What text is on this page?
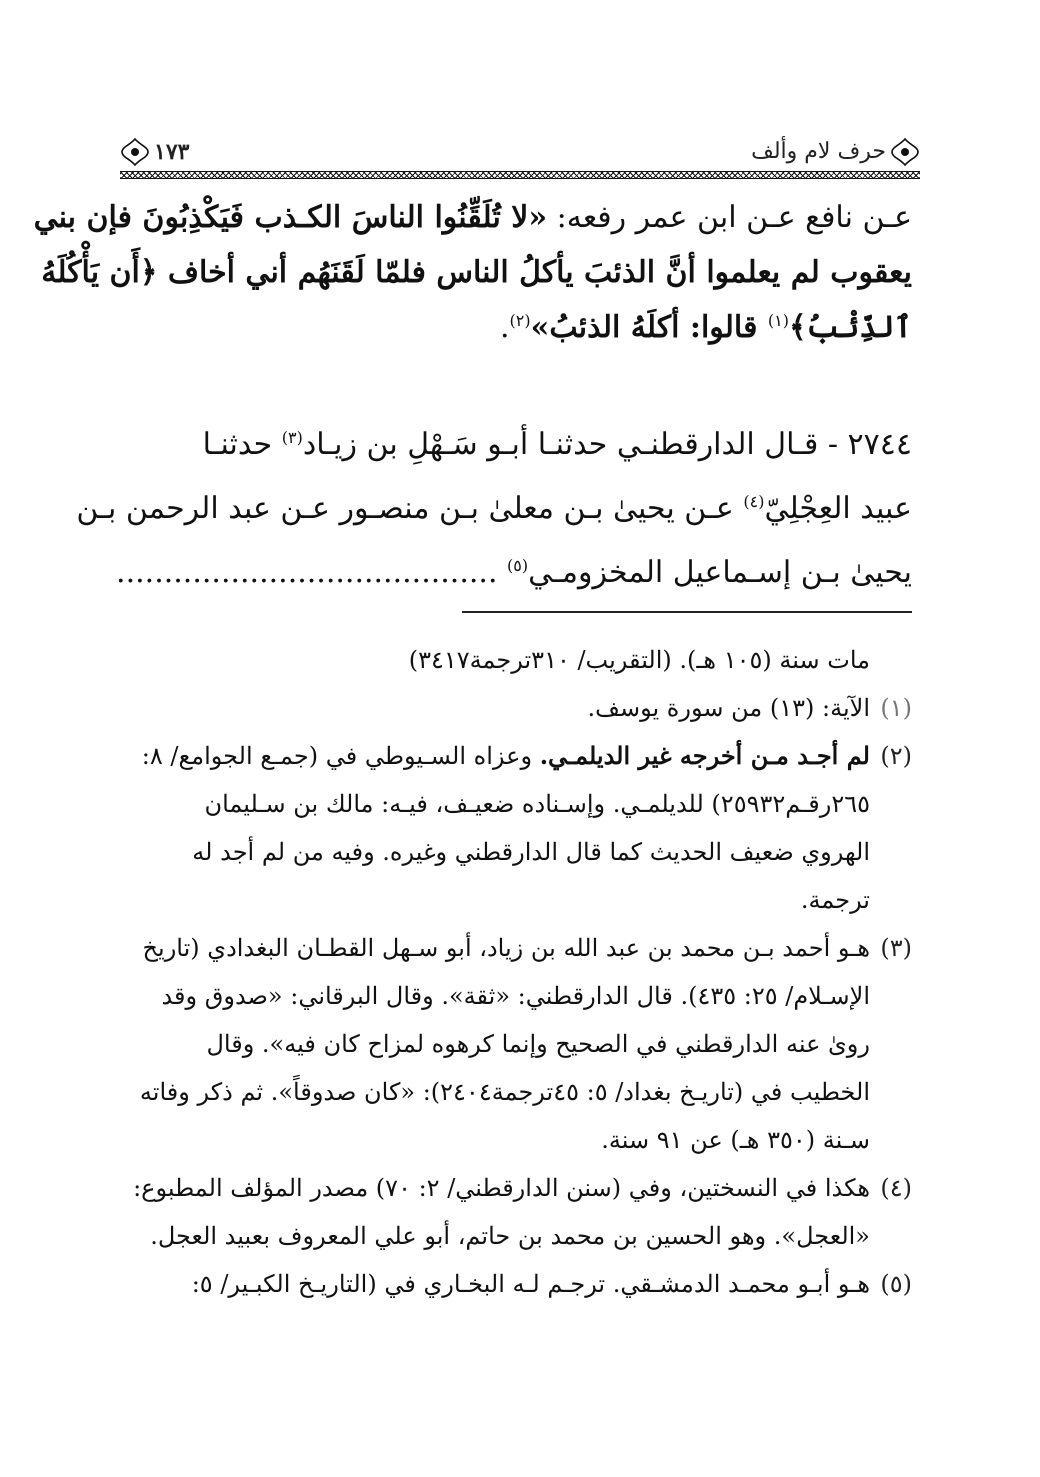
حرف لام وألف
١٧٣
عـن نافع عـن ابن عمر رفعه: «لا تُلَقِّنُوا الناسَ الكـذب فَيَكْذِبُونَ فإن بني
يعقوب لم يعلموا أنَّ الذئبَ يأكلُ الناس فلمّا لَقَنَهُم أني أخاف ﴿أَن يَأْكُلَهُ
ٱلذِّئْبُ﴾$^{(١)}$ قالوا: أكلَهُ الذئبُ»$^{(٢)}$.
٢٧٤٤ - قـال الدارقطنـي حدثنـا أبـو سَـهْلِ بن زيـاد$^{(٣)}$ حدثنـا
عبيد العِجْلِيّ$^{(٤)}$ عـن يحيىٰ بـن معلىٰ بـن منصـور عـن عبد الرحمن بـن
يحيىٰ بـن إسـماعيل المخزومـي$^{(٥)}$ ........................................
مات سنة (١٠٥ هـ). (التقريب/ ٣١٠ترجمة٣٤١٧)
(١)
الآية: (١٣) من سورة يوسف.
(٢)
لم أجـد مـن أخرجه غير الديلمـي. وعزاه السـيوطي في (جمـع الجوامع/ ٨: ٢٦٥رقـم٢٥٩٣٢) للديلمـي. وإسـناده ضعيـف، فيـه: مالك بن سـليمان الهروي ضعيف الحديث كما قال الدارقطني وغيره. وفيه من لم أجد له ترجمة.
(٣)
هـو أحمد بـن محمد بن عبد الله بن زياد، أبو سـهل القطـان البغدادي (تاريخ الإسـلام/ ٢٥: ٤٣٥). قال الدارقطني: «ثقة». وقال البرقاني: «صدوق وقد روىٰ عنه الدارقطني في الصحيح وإنما كرهوه لمزاح كان فيه». وقال الخطيب في (تاريـخ بغداد/ ٥: ٤٥ترجمة٢٤٠٤): «كان صدوقاً». ثم ذكر وفاته سـنة (٣٥٠ هـ) عن ٩١ سنة.
(٤)
هكذا في النسختين، وفي (سنن الدارقطني/ ٢: ٧٠) مصدر المؤلف المطبوع: «العجل». وهو الحسين بن محمد بن حاتم، أبو علي المعروف بعبيد العجل.
(٥)
هـو أبـو محمـد الدمشـقي. ترجـم لـه البخـاري في (التاريـخ الكبـير/ ٥:
